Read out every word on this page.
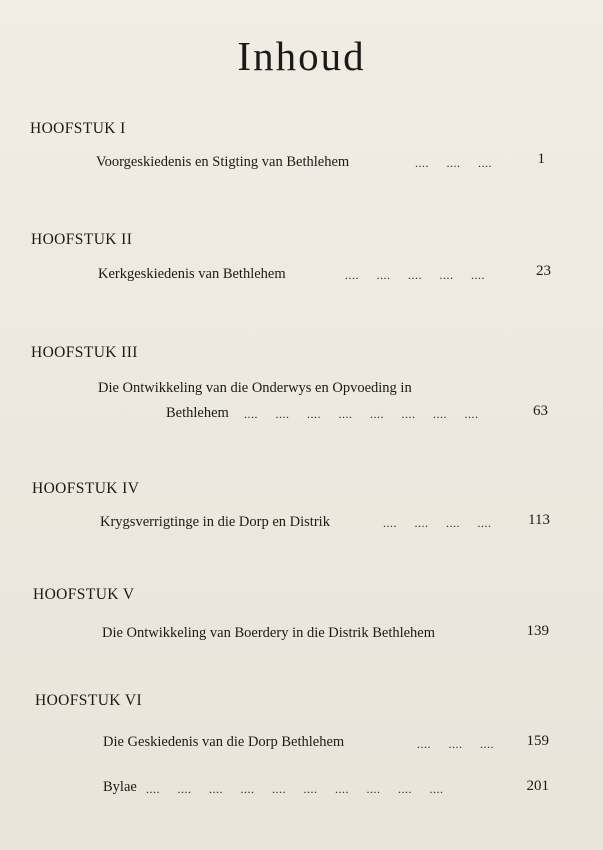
Inhoud
HOOFSTUK I
Voorgeskiedenis en Stigting van Bethlehem	.... .... ....	1
HOOFSTUK II
Kerkgeskiedenis van Bethlehem	.... .... .... .... ....	23
HOOFSTUK III
Die Ontwikkeling van die Onderwys en Opvoeding in
Bethlehem .... .... .... .... .... .... .... ....	63
HOOFSTUK IV
Krygsverrigtinge in die Dorp en Distrik	.... .... .... .... 113
HOOFSTUK V
Die Ontwikkeling van Boerdery in die Distrik Bethlehem	139
HOOFSTUK VI
Die Geskiedenis van die Dorp Bethlehem	.... .... .... 159
Bylae .... .... .... .... .... .... .... .... .... ....	201
